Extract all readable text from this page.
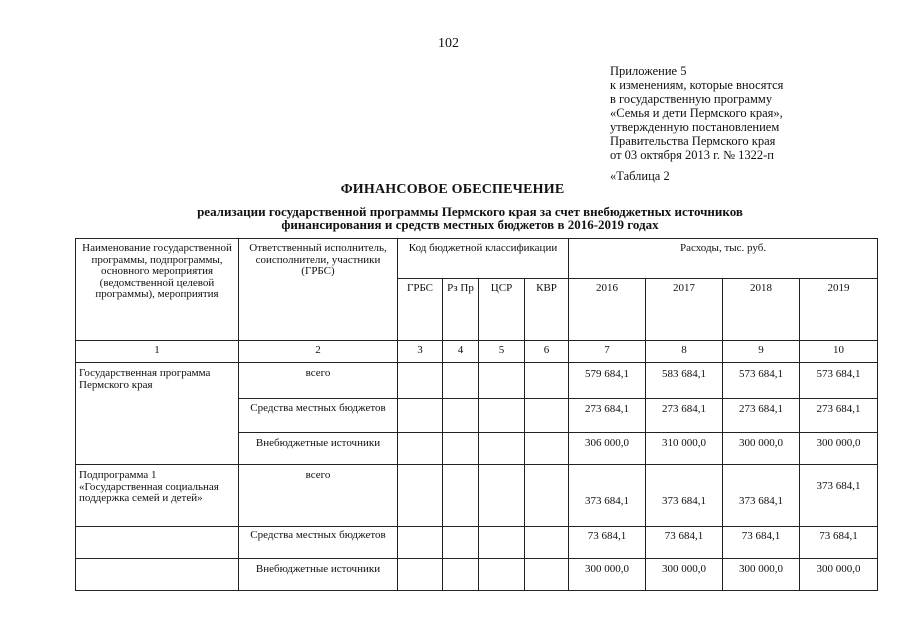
102
Приложение 5
к изменениям, которые вносятся
в государственную программу
«Семья и дети Пермского края»,
утвержденную постановлением
Правительства Пермского края
от 03 октября 2013 г. № 1322-п
«Таблица 2
ФИНАНСОВОЕ ОБЕСПЕЧЕНИЕ
реализации государственной программы Пермского края за счет внебюджетных источников финансирования и средств местных бюджетов в 2016-2019 годах
Наименование государственной программы, подпрограммы, основного мероприятия (ведомственной целевой программы), мероприятия	Ответственный исполнитель, соисполнители, участники (ГРБС)	Код бюджетной классификации				Расходы, тыс. руб.			
		ГРБС	Рз Пр	ЦСР	КВР	2016	2017	2018	2019
1	2	3	4	5	6	7	8	9	10
Государственная программа Пермского края	всего					579 684,1	583 684,1	573 684,1	573 684,1
	Средства местных бюджетов					273 684,1	273 684,1	273 684,1	273 684,1
	Внебюджетные источники					306 000,0	310 000,0	300 000,0	300 000,0
Подпрограмма 1 «Государственная социальная поддержка семей и детей»	всего					373 684,1	373 684,1	373 684,1	373 684,1
	Средства местных бюджетов					73 684,1	73 684,1	73 684,1	73 684,1
	Внебюджетные источники					300 000,0	300 000,0	300 000,0	300 000,0
